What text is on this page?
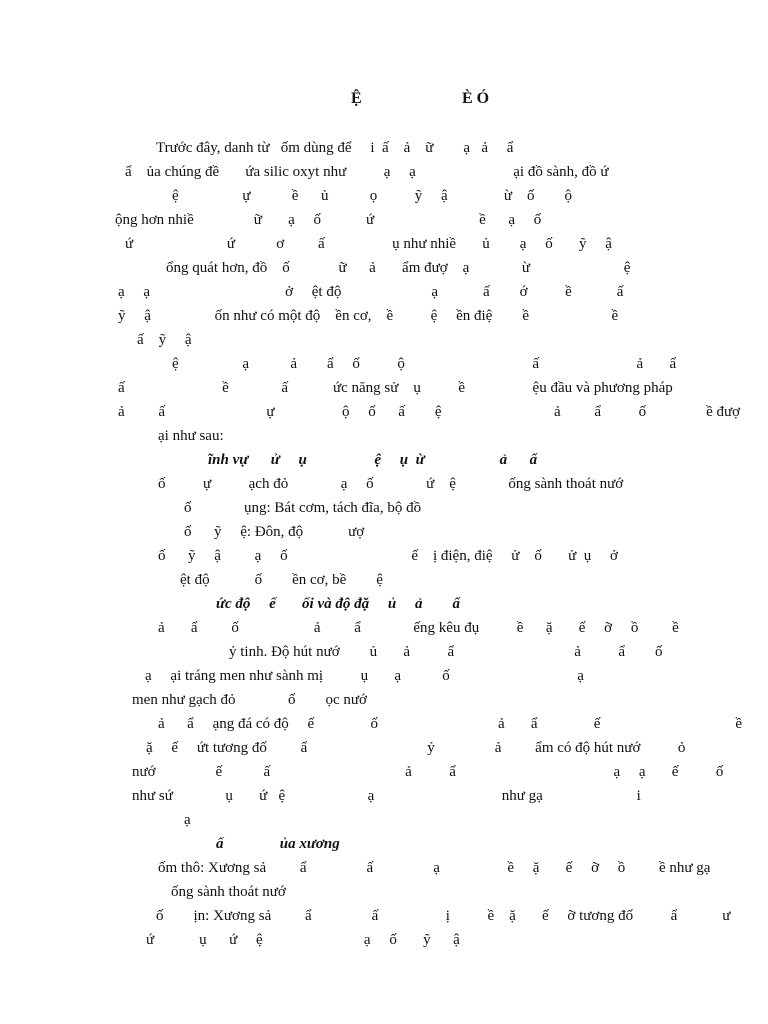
Ệ	È Ó
Trước đây, danh từ   ốm dùng để     i  ấ    ả    ữ        ạ   ả     ẩ
ẩ    ủa chúng đề       ứa silic oxyt như          ạ     ạ                          ại đồ sành, đồ ứ
ệ                 ự           ề      ủ           ọ          ỹ     ậ               ừ    ố        ộ
ộng hơn nhiề                ữ       ạ     ố            ứ                            ề      ạ     ố
ứ                         ứ           ơ         ấ                  ụ như nhiề       ủ        ạ     ố       ỹ     ậ
ổng quát hơn, đồ    ố             ữ      ả       ẩm đượ    ạ              ừ                         ệ
ạ     ạ                                    ở     ệt độ                        ạ            ấ        ớ          ề            ấ
ỹ     ậ                 ốn như có một độ    ền cơ,    ề          ệ     ền điệ        ề                      ề
ấ    ỹ     ậ
ệ                 ạ           ả        ẩ     ố          ộ                                  ấ                          ả       ẩ
ấ                          ề              ấ            ức năng sử    ụ          ề                  ệu đầu và phương pháp
ả         ấ                           ự                  ộ     ố      ấ        ệ                              ả         ẩ          ố                ề đượ
ại như sau:
ĩnh vự      ử     ụ                  ệ     ụ  ừ                    ả      ẩ
ố          ự          ạch đỏ              ạ     ố              ứ    ệ              ống sành thoát nướ
ố              ụng: Bát cơm, tách đĩa, bộ đồ
ố      ỹ     ệ: Đôn, độ            ượ
ố      ỹ     ậ         ạ     ố                                 ế    ị điện, điệ     ử    ố       ử  ụ     ở
ệt độ            ố        ền cơ, bề        ệ
ức độ     ế       ối và độ đặ     ủ     ả        ẩ
ả       ẩ         ố                    ả         ẩ              ếng kêu đụ          ề      ặ       ế     ỡ     ồ         ề
ỷ tinh. Độ hút nướ        ủ       ả          ẩ                                ả          ẩ        ố
ạ     ại tráng men như sành mị          ụ       ạ           ố                                  ạ
men như gạch đỏ              ố        ọc nướ
ả      ẩ     ạng đá có độ     ế               ố                                ả       ẩ               ế                                    ề
ặ     ế     ứt tương đố         ẩ                                ỷ                ả         ẩm có độ hút nướ          ỏ
nướ                ế           ấ                                    ả          ẩ                                          ạ     ạ       ế          ố
như sứ              ụ       ứ   ệ                      ạ                                  như gạ                         i
ạ
ấ               ủa xương
ốm thô: Xương sả         ẩ                ấ                ạ                  ề     ặ       ế     ỡ     ồ         ề như gạ
ống sành thoát nướ
ố        ịn: Xương sả         ẩ                ấ                  ị          ề    ặ       ế     ỡ tương đố          ẩ            ư
ứ            ụ      ứ     ệ                           ạ     ố       ỹ      ậ
